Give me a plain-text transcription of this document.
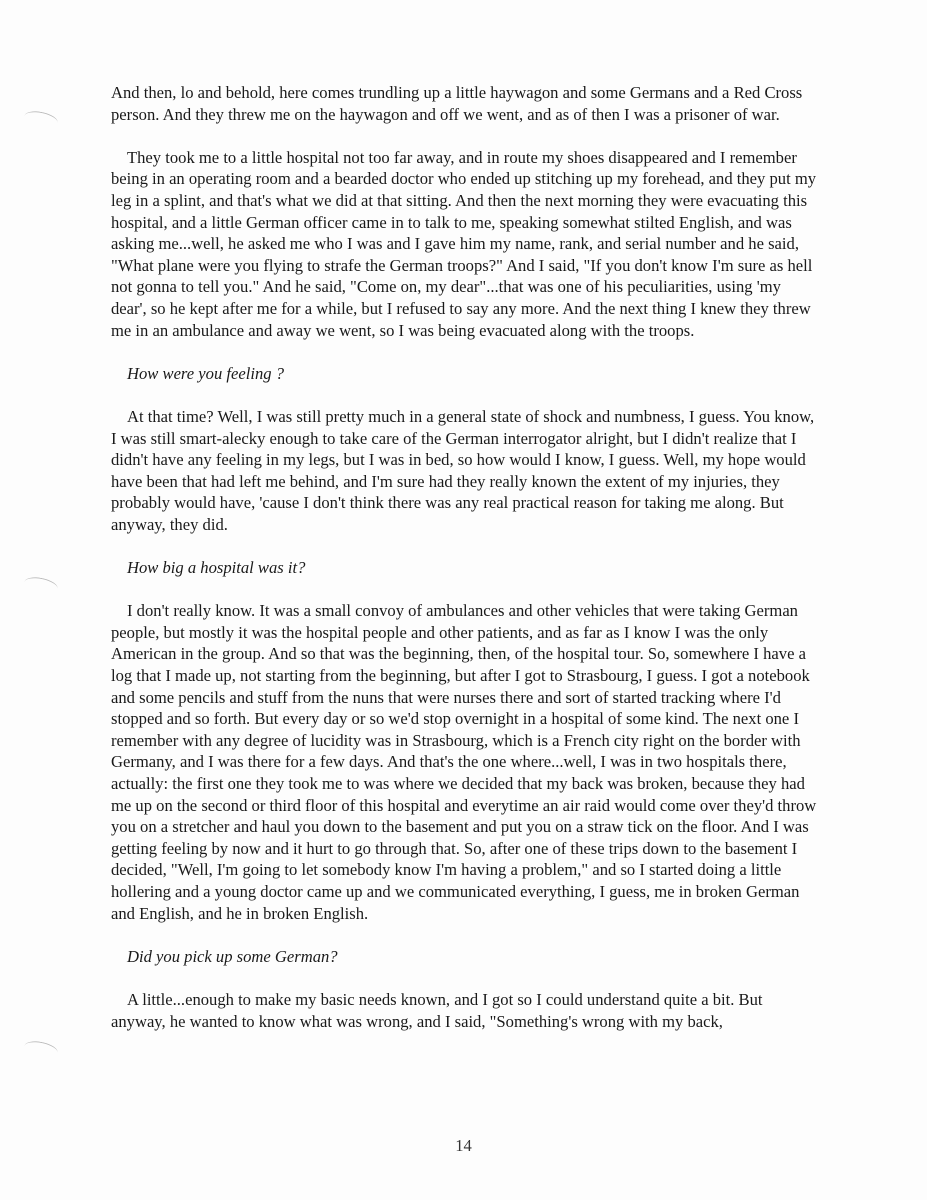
And then, lo and behold, here comes trundling up a little haywagon and some Germans and a Red Cross person. And they threw me on the haywagon and off we went, and as of then I was a prisoner of war.

They took me to a little hospital not too far away, and in route my shoes disappeared and I remember being in an operating room and a bearded doctor who ended up stitching up my forehead, and they put my leg in a splint, and that's what we did at that sitting. And then the next morning they were evacuating this hospital, and a little German officer came in to talk to me, speaking somewhat stilted English, and was asking me...well, he asked me who I was and I gave him my name, rank, and serial number and he said, "What plane were you flying to strafe the German troops?" And I said, "If you don't know I'm sure as hell not gonna to tell you." And he said, "Come on, my dear"...that was one of his peculiarities, using 'my dear', so he kept after me for a while, but I refused to say any more. And the next thing I knew they threw me in an ambulance and away we went, so I was being evacuated along with the troops.

How were you feeling ?

At that time? Well, I was still pretty much in a general state of shock and numbness, I guess. You know, I was still smart-alecky enough to take care of the German interrogator alright, but I didn't realize that I didn't have any feeling in my legs, but I was in bed, so how would I know, I guess. Well, my hope would have been that had left me behind, and I'm sure had they really known the extent of my injuries, they probably would have, 'cause I don't think there was any real practical reason for taking me along. But anyway, they did.

How big a hospital was it?

I don't really know. It was a small convoy of ambulances and other vehicles that were taking German people, but mostly it was the hospital people and other patients, and as far as I know I was the only American in the group. And so that was the beginning, then, of the hospital tour. So, somewhere I have a log that I made up, not starting from the beginning, but after I got to Strasbourg, I guess. I got a notebook and some pencils and stuff from the nuns that were nurses there and sort of started tracking where I'd stopped and so forth. But every day or so we'd stop overnight in a hospital of some kind. The next one I remember with any degree of lucidity was in Strasbourg, which is a French city right on the border with Germany, and I was there for a few days. And that's the one where...well, I was in two hospitals there, actually: the first one they took me to was where we decided that my back was broken, because they had me up on the second or third floor of this hospital and everytime an air raid would come over they'd throw you on a stretcher and haul you down to the basement and put you on a straw tick on the floor. And I was getting feeling by now and it hurt to go through that. So, after one of these trips down to the basement I decided, "Well, I'm going to let somebody know I'm having a problem," and so I started doing a little hollering and a young doctor came up and we communicated everything, I guess, me in broken German and English, and he in broken English.

Did you pick up some German?

A little...enough to make my basic needs known, and I got so I could understand quite a bit. But anyway, he wanted to know what was wrong, and I said, "Something's wrong with my back,

14
